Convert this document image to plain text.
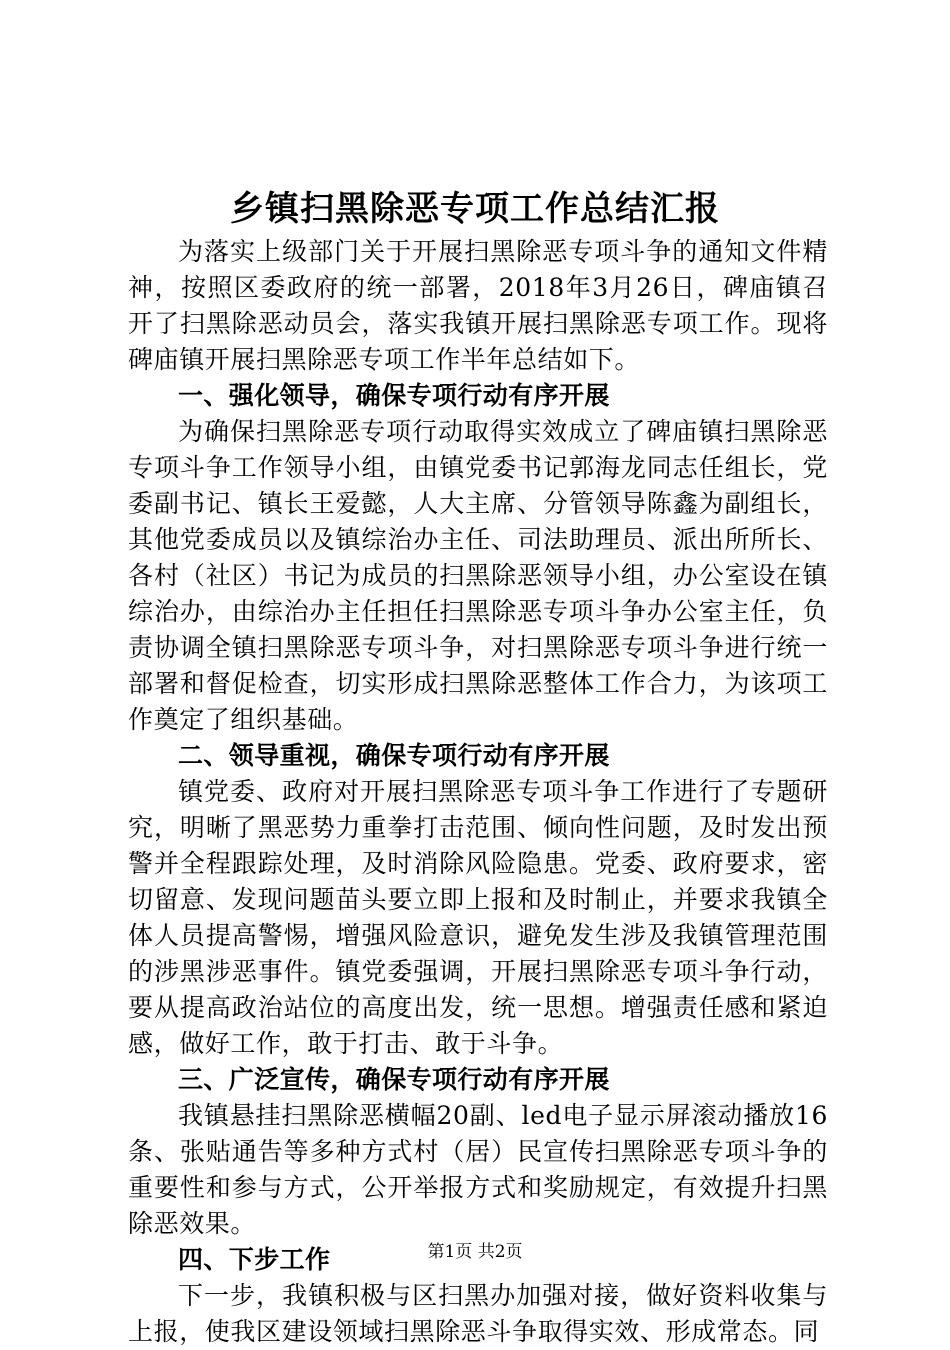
乡镇扫黑除恶专项工作总结汇报

为落实上级部门关于开展扫黑除恶专项斗争的通知文件精神，按照区委政府的统一部署，2018年3月26日，碑庙镇召开了扫黑除恶动员会，落实我镇开展扫黑除恶专项工作。现将碑庙镇开展扫黑除恶专项工作半年总结如下。

一、强化领导，确保专项行动有序开展

为确保扫黑除恶专项行动取得实效成立了碑庙镇扫黑除恶专项斗争工作领导小组，由镇党委书记郭海龙同志任组长，党委副书记、镇长王爱懿，人大主席、分管领导陈鑫为副组长，其他党委成员以及镇综治办主任、司法助理员、派出所所长、各村（社区）书记为成员的扫黑除恶领导小组，办公室设在镇综治办，由综治办主任担任扫黑除恶专项斗争办公室主任，负责协调全镇扫黑除恶专项斗争，对扫黑除恶专项斗争进行统一部署和督促检查，切实形成扫黑除恶整体工作合力，为该项工作奠定了组织基础。

二、领导重视，确保专项行动有序开展

镇党委、政府对开展扫黑除恶专项斗争工作进行了专题研究，明晰了黑恶势力重拳打击范围、倾向性问题，及时发出预警并全程跟踪处理，及时消除风险隐患。党委、政府要求，密切留意、发现问题苗头要立即上报和及时制止，并要求我镇全体人员提高警惕，增强风险意识，避免发生涉及我镇管理范围的涉黑涉恶事件。镇党委强调，开展扫黑除恶专项斗争行动，要从提高政治站位的高度出发，统一思想。增强责任感和紧迫感，做好工作，敢于打击、敢于斗争。

三、广泛宣传，确保专项行动有序开展

我镇悬挂扫黑除恶横幅20副、led电子显示屏滚动播放16条、张贴通告等多种方式村（居）民宣传扫黑除恶专项斗争的重要性和参与方式，公开举报方式和奖励规定，有效提升扫黑除恶效果。

四、下步工作

下一步，我镇积极与区扫黑办加强对接，做好资料收集与上报，使我区建设领域扫黑除恶斗争取得实效、形成常态。同

第1页 共2页
